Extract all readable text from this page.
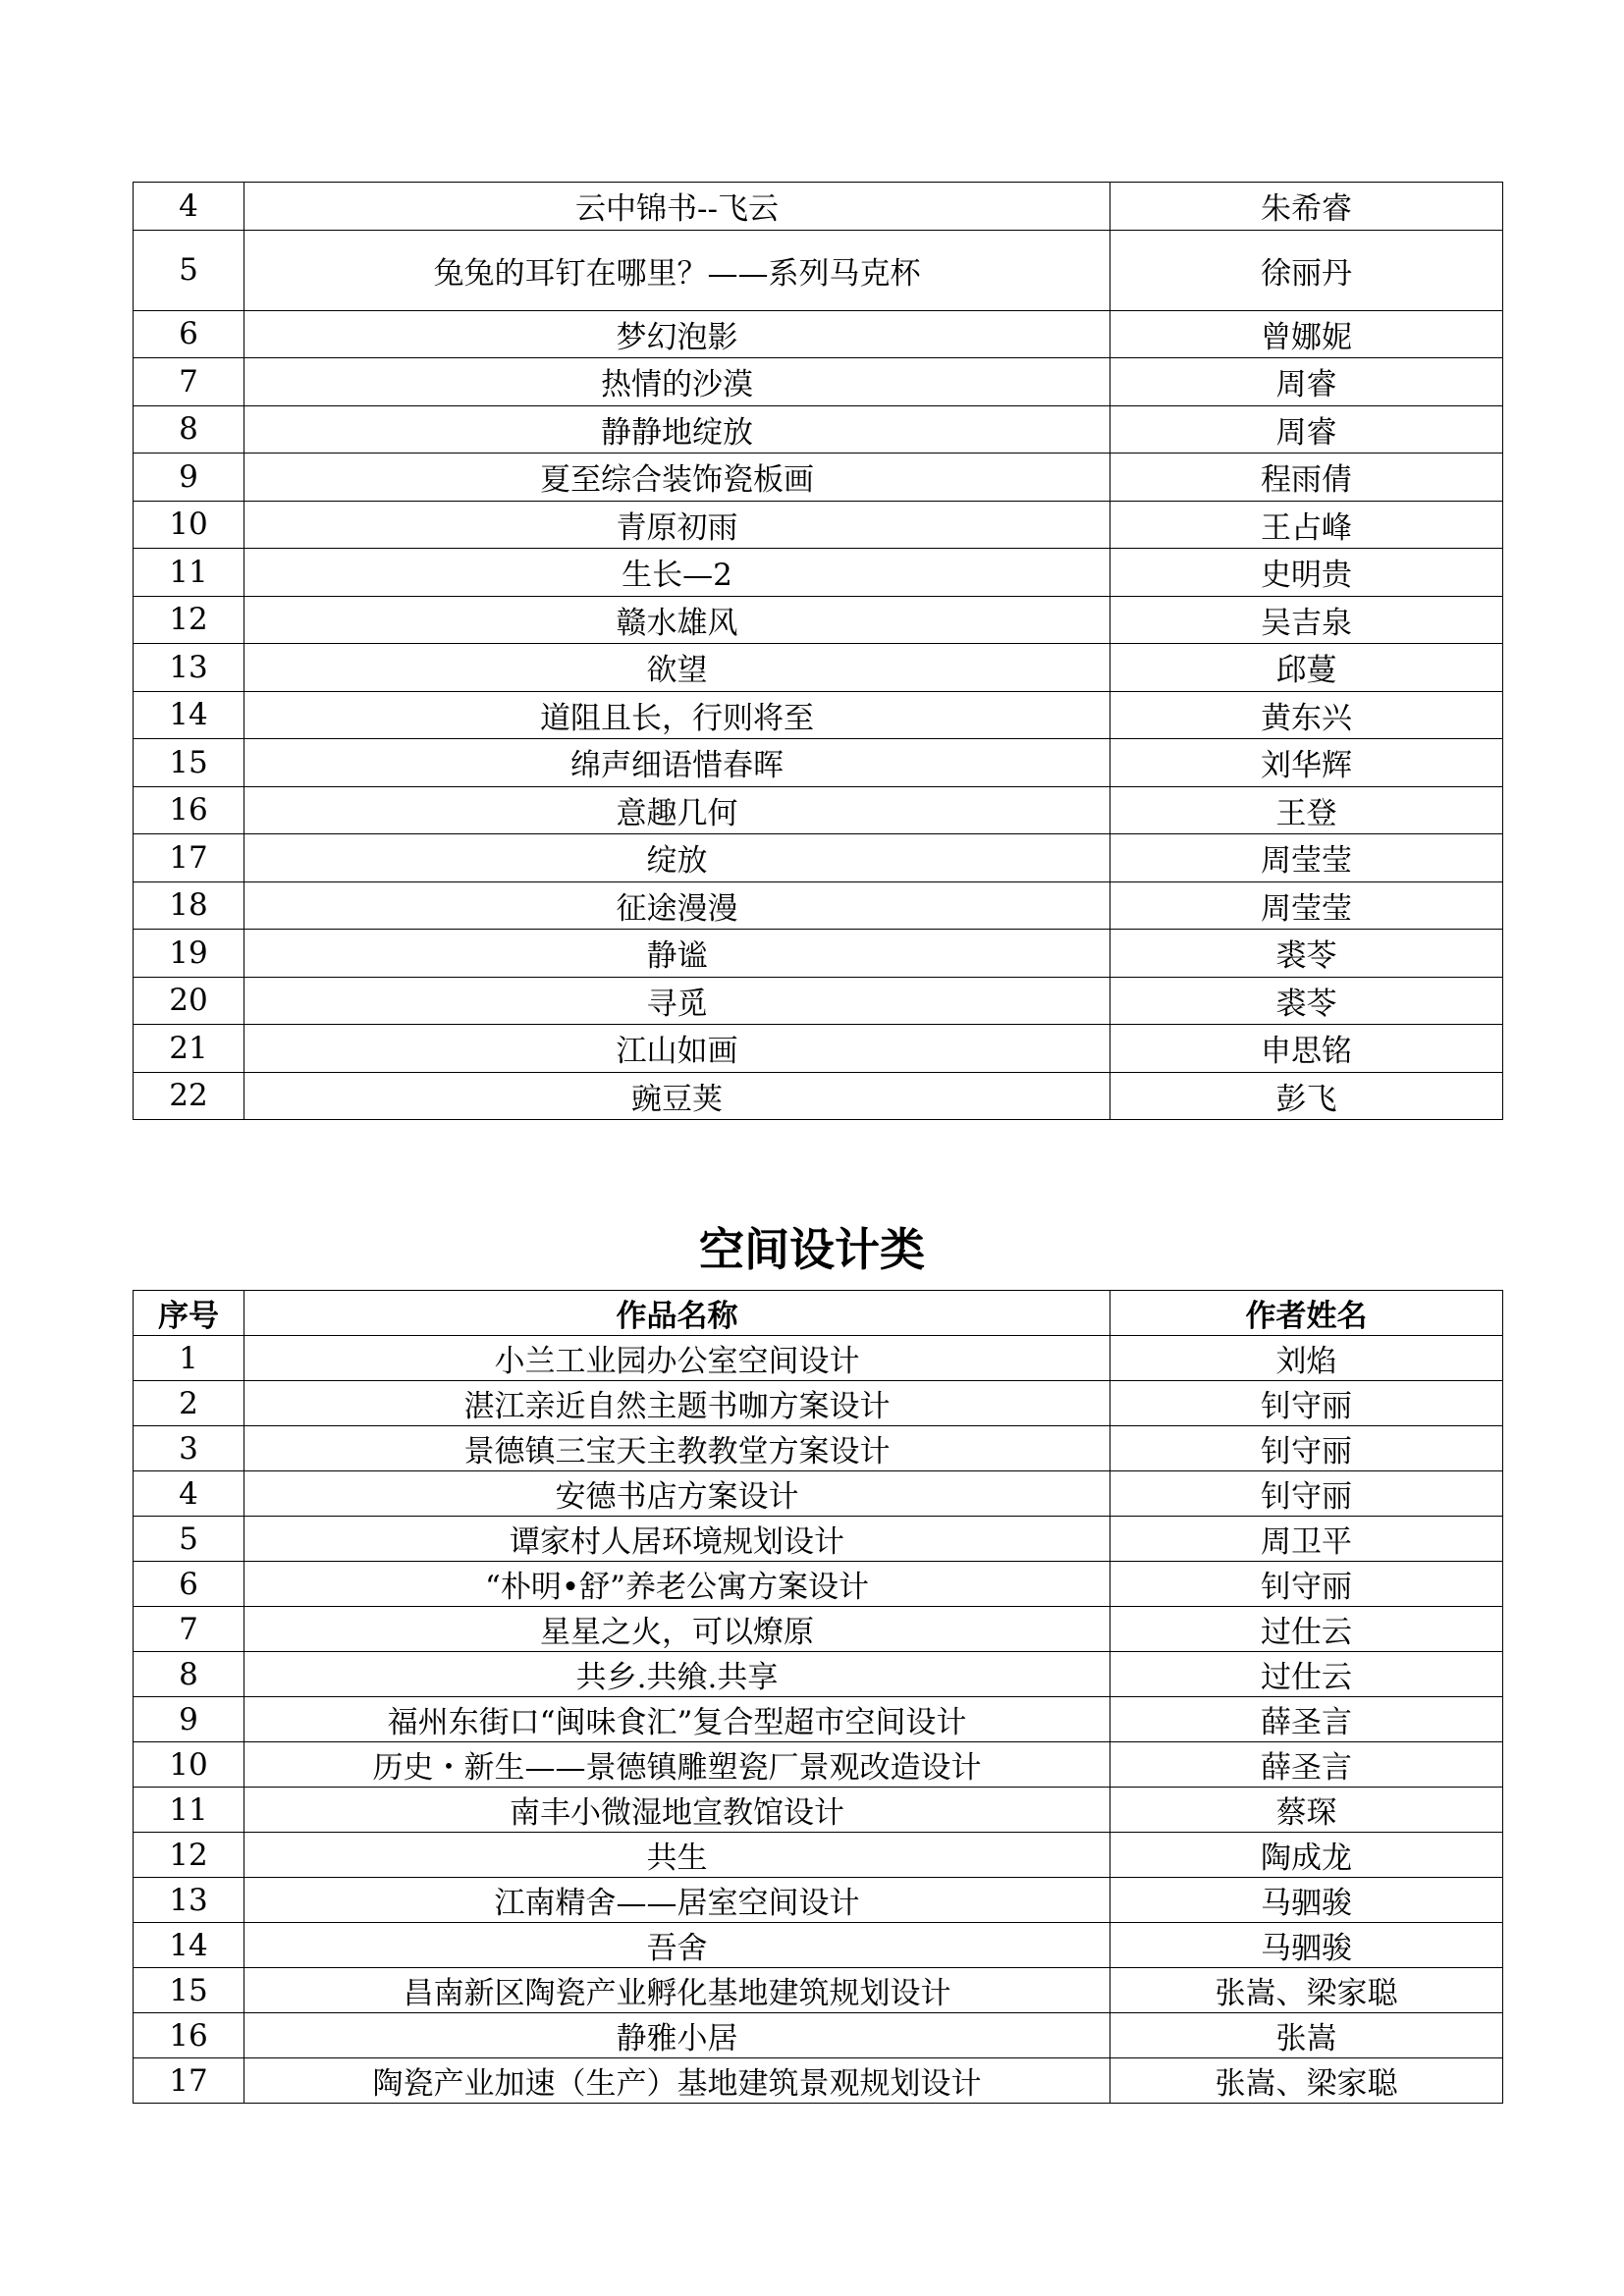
4	云中锦书--飞云	朱希睿
5	兔兔的耳钉在哪里？——系列马克杯	徐丽丹
6	梦幻泡影	曾娜妮
7	热情的沙漠	周睿
8	静静地绽放	周睿
9	夏至综合装饰瓷板画	程雨倩
10	青原初雨	王占峰
11	生长—2	史明贵
12	赣水雄风	吴吉泉
13	欲望	邱蔓
14	道阻且长，行则将至	黄东兴
15	绵声细语惜春晖	刘华辉
16	意趣几何	王登
17	绽放	周莹莹
18	征途漫漫	周莹莹
19	静谧	裘苓
20	寻觅	裘苓
21	江山如画	申思铭
22	豌豆荚	彭飞
空间设计类
序号	作品名称	作者姓名
1	小兰工业园办公室空间设计	刘焰
2	湛江亲近自然主题书咖方案设计	钊守丽
3	景德镇三宝天主教教堂方案设计	钊守丽
4	安德书店方案设计	钊守丽
5	谭家村人居环境规划设计	周卫平
6	“朴明•舒”养老公寓方案设计	钊守丽
7	星星之火，可以燎原	过仕云
8	共乡.共飨.共享	过仕云
9	福州东街口“闽味食汇”复合型超市空间设计	薛圣言
10	历史・新生——景德镇雕塑瓷厂景观改造设计	薛圣言
11	南丰小微湿地宣教馆设计	蔡琛
12	共生	陶成龙
13	江南精舍——居室空间设计	马驷骏
14	吾舍	马驷骏
15	昌南新区陶瓷产业孵化基地建筑规划设计	张嵩、梁家聪
16	静雅小居	张嵩
17	陶瓷产业加速（生产）基地建筑景观规划设计	张嵩、梁家聪
